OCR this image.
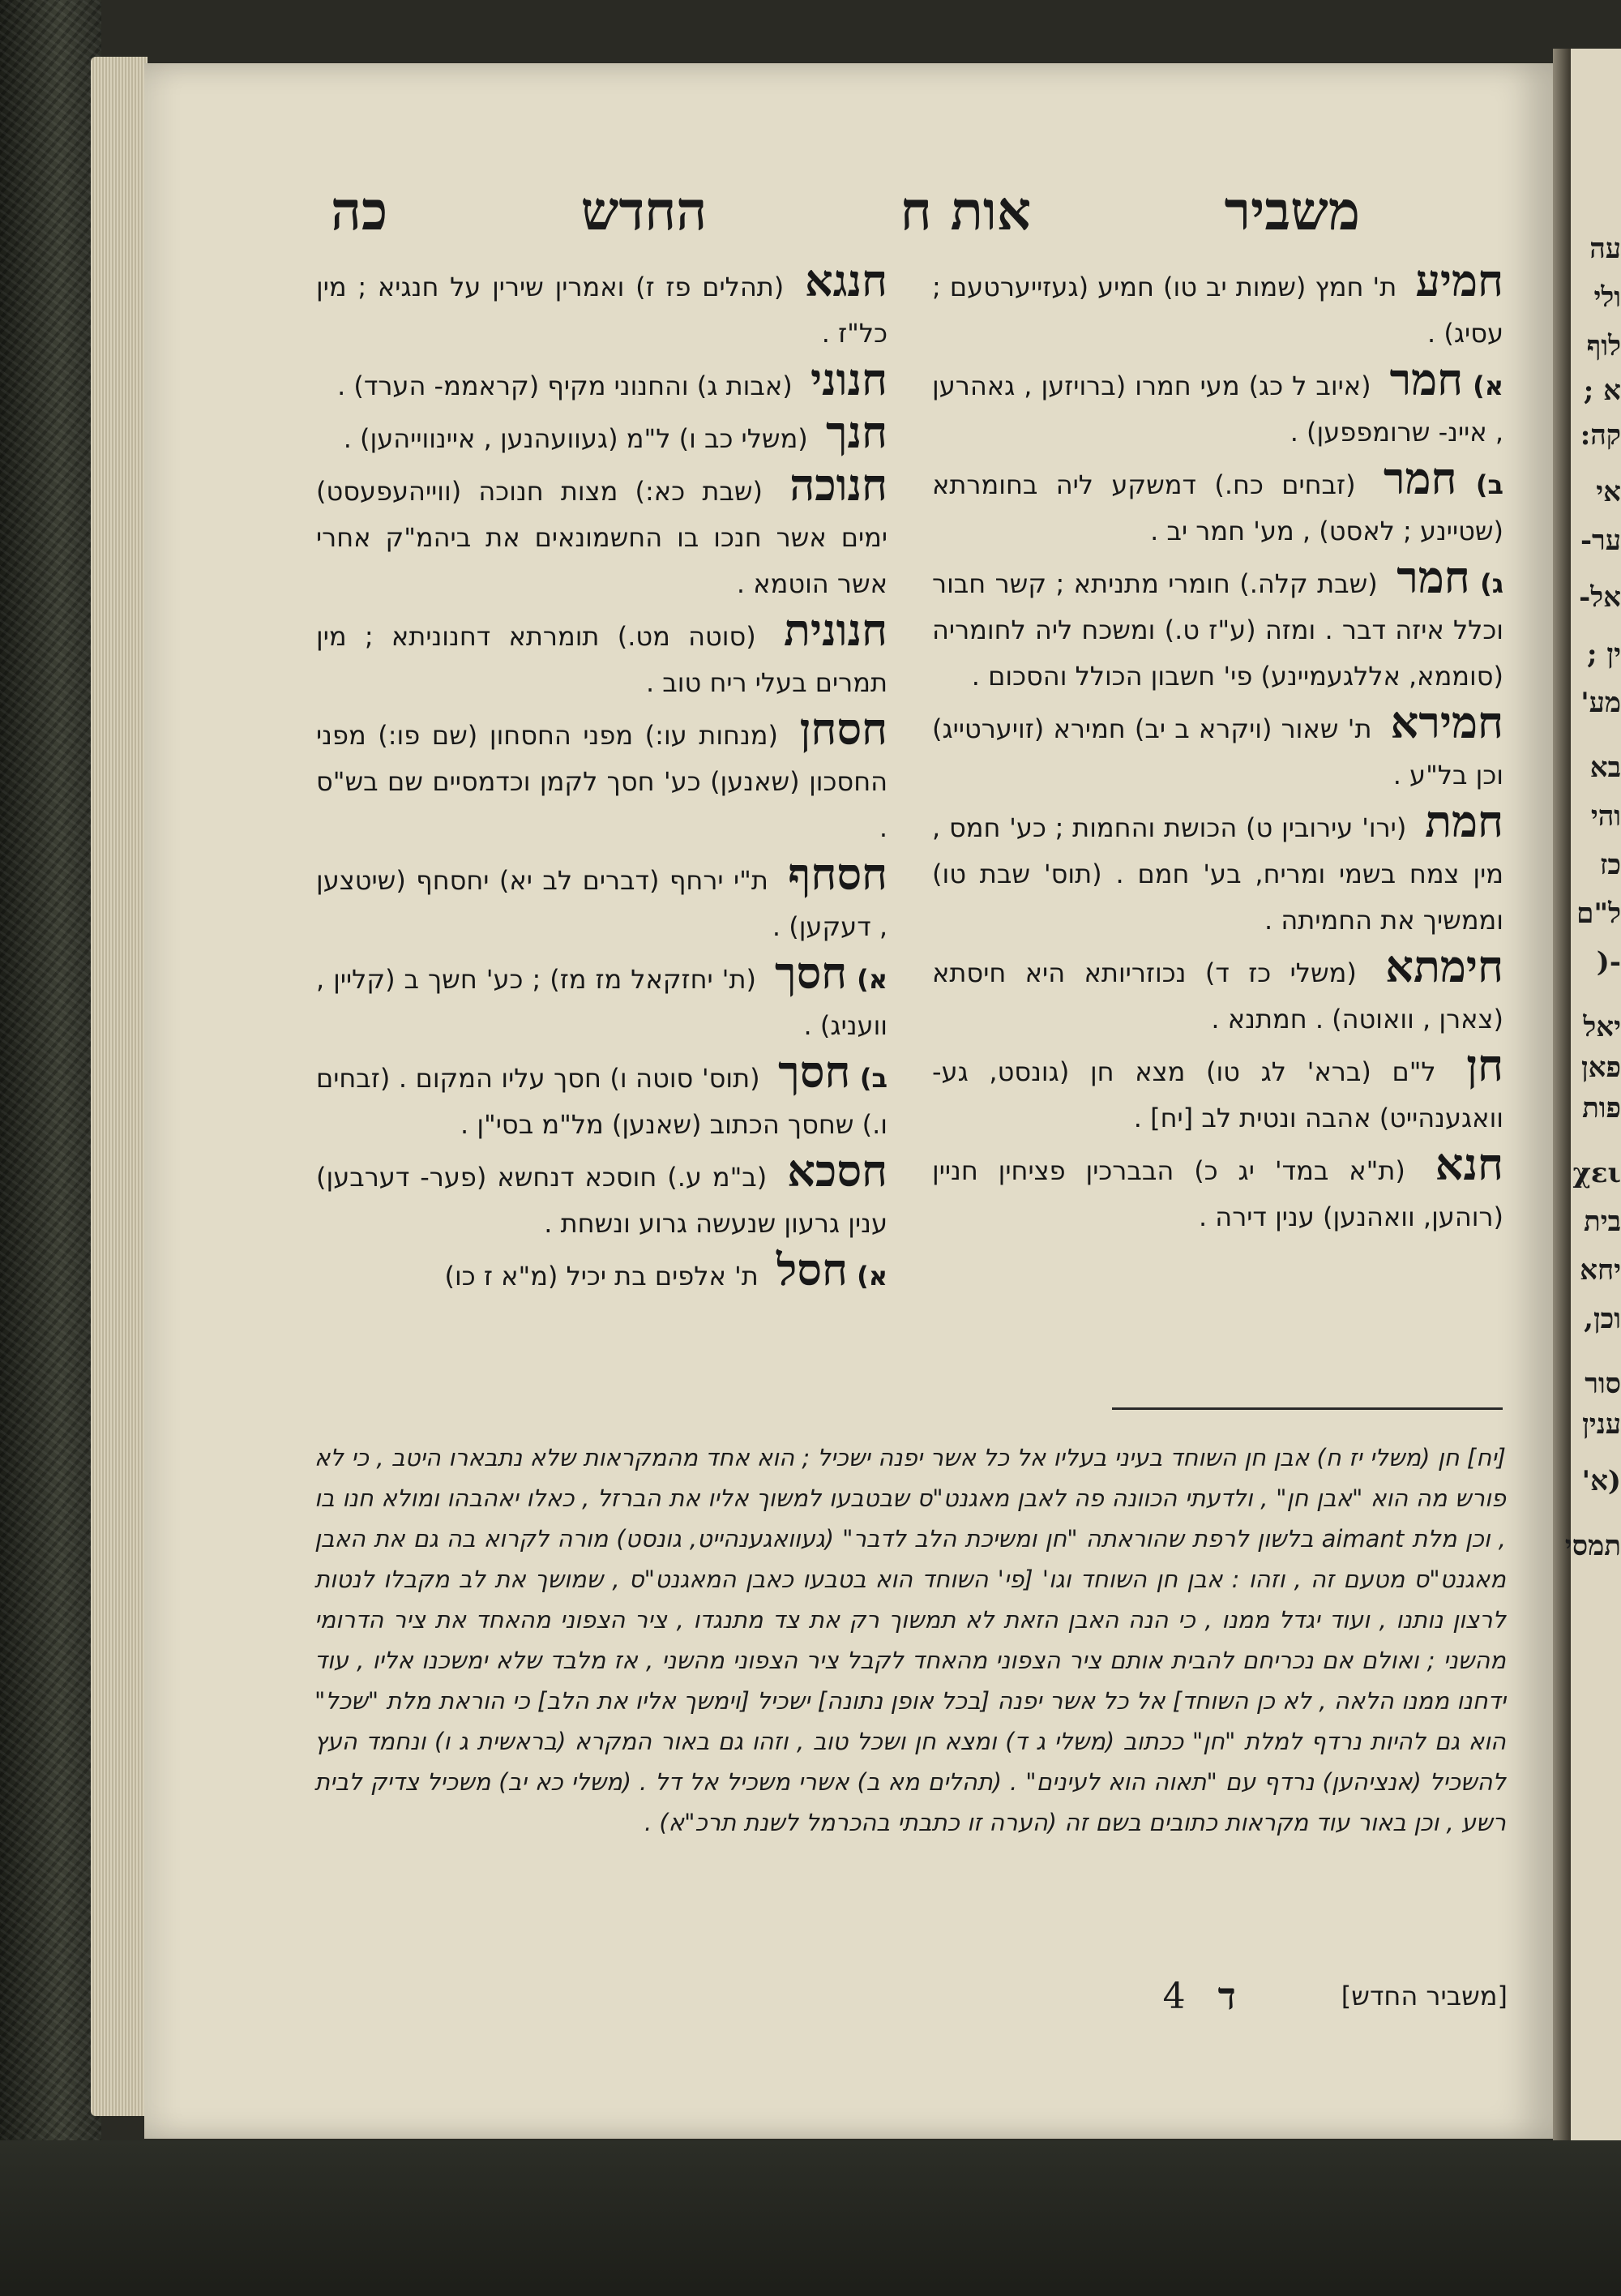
משביר
אות ח
החדש
כה

חמיע ת' חמץ (שמות יב טו) חמיע (געזייערטעם ; עסיג) .

א) חמר (איוב ל כג) מעי חמרו (ברויזען , גאהרען , איינ- שרומפפען) .

ב) חמר (זבחים כח.) דמשקע ליה בחומרתא (שטיינע ; לאסט) , מע' חמר יב .

ג) חמר (שבת קלה.) חומרי מתניתא ; קשר חבור וכלל איזה דבר . ומזה (ע"ז ט.) ומשכח ליה לחומריה (סוממא, אללגעמיינע) פי' חשבון הכולל והסכום .

חמירא ת' שאור (ויקרא ב יב) חמירא (זויערטייג) וכן בל"ע .

חמת (ירו' עירובין ט) הכושת והחמות ; כע' חמס , מין צמח בשמי ומריח, בע' חמם . (תוס' שבת טו) וממשיך את החמיתה .

חימתא (משלי כז ד) נכוזריותא היא חיסתא (צארן , וואוטה) . חמתנא .

חן ל"ם (ברא' לג טו) מצא חן (גונסט, גע- וואגענהייט) אהבה ונטית לב [יח] .

חנא (ת"א במד' יג כ) הבברכין פציחין חניין (רוהען, וואהנען) ענין דירה .

חנגא (תהלים פז ז) ואמרין שירין על חנגיא ; מין כל"ז .

חנוני (אבות ג) והחנוני מקיף (קראממ- הערד) .

חנך (משלי כב ו) ל"מ (געוועהנען , איינווייהען) .

חנוכה (שבת כא:) מצות חנוכה (ווייהעפעסט) ימים אשר חנכו בו החשמונאים את ביהמ"ק אחרי אשר הוטמא .

חנונית (סוטה מט.) תומרתא דחנוניתא ; מין תמרים בעלי ריח טוב .

חסחן (מנחות עו:) מפני החסחון (שם פו:) מפני החסכון (שאנען) כע' חסך לקמן וכדמסיים שם בש"ס .

חסחף ת"י ירחף (דברים לב יא) יחסחף (שיטצען , דעקען) .

א) חסך (ת' יחזקאל מז מז) ; כע' חשך ב (קליין , וועניג) .

ב) חסך (תוס' סוטה ו) חסך עליו המקום . (זבחים ו.) שחסך הכתוב (שאנען) מל"מ בסי"ן .

חסכא (ב"מ ע.) חוסכא דנחשא (פער- דערבען) ענין גרעון שנעשה גרוע ונשחת .

א) חסל ת' אלפים בת יכיל (מ"א ז כו)

[יח] חן (משלי יז ח) אבן חן השוחד בעיני בעליו אל כל אשר יפנה ישכיל ; הוא אחד מהמקראות שלא נתבארו היטב , כי לא פורש מה הוא "אבן חן" , ולדעתי הכוונה פה לאבן מאגנט"ס שבטבעו למשוך אליו את הברזל , כאלו יאהבהו ומולא חנו בו , וכן מלת aimant בלשון לרפת שהוראתה "חן ומשיכת הלב לדבר" (געוואגענהייט, גונסט) מורה לקרוא בה גם את האבן מאגנט"ס מטעם זה , וזהו : אבן חן השוחד וגו' [פי' השוחד הוא בטבעו כאבן המאגנט"ס , שמושך את לב מקבלו לנטות לרצון נותנו , ועוד יגדל ממנו , כי הנה האבן הזאת לא תמשוך רק את צד מתנגדו , ציר הצפוני מהאחד את ציר הדרומי מהשני ; ואולם אם נכריחם להבית אותם ציר הצפוני מהאחד לקבל ציר הצפוני מהשני , אז מלבד שלא ימשכנו אליו , עוד ידחנו ממנו הלאה , לא כן השוחד] אל כל אשר יפנה [בכל אופן נתונה] ישכיל [וימשך אליו את הלב] כי הוראת מלת "שכל" הוא גם להיות נרדף למלת "חן" ככתוב (משלי ג ד) ומצא חן ושכל טוב , וזהו גם באור המקרא (בראשית ג ו) ונחמד העץ להשכיל (אנציהען) נרדף עם "תאוה הוא לעינים" . (תהלים מא ב) אשרי משכיל אל דל . (משלי כא יב) משכיל צדיק לבית רשע , וכן באור עוד מקראות כתובים בשם זה (הערה זו כתבתי בהכרמל לשנת תרכ"א) .
[משביר החדש]
ד
4
עה
ולי
לוף
א ;
קה:
אי
ער-
אל-
ין ;
מע'
בא
והי
כז
ל"ם
-(
יאל
פאן
פות
χει
בית
יחא
וכן,
סור
ענין
(א'
תמסי
